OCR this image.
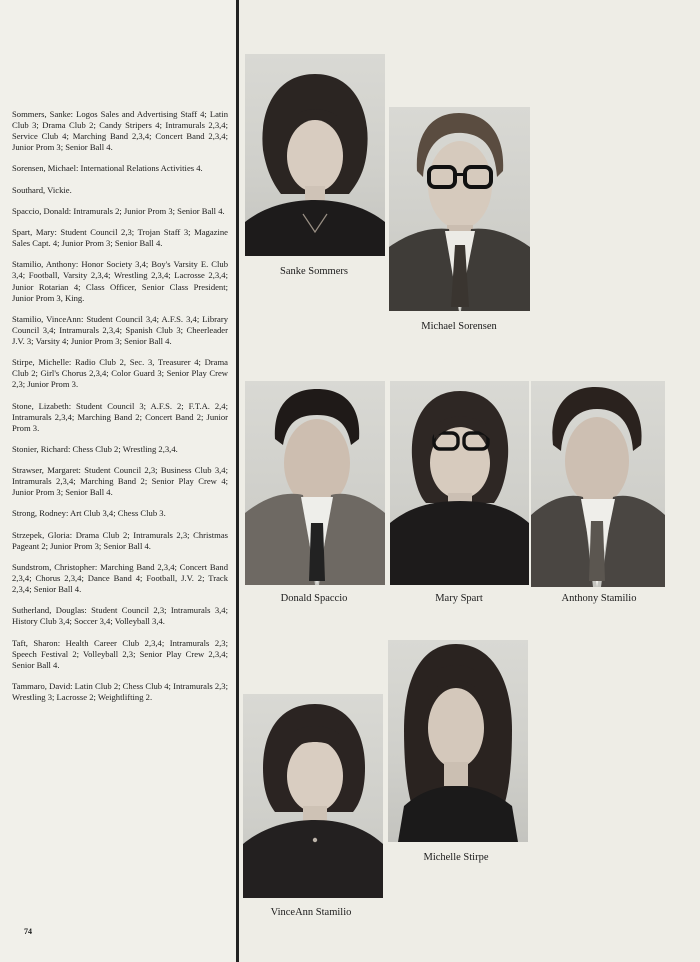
Sommers, Sanke: Logos Sales and Advertising Staff 4; Latin Club 3; Drama Club 2; Candy Stripers 4; Intramurals 2,3,4; Service Club 4; Marching Band 2,3,4; Concert Band 2,3,4; Junior Prom 3; Senior Ball 4.

Sorensen, Michael: International Relations Activities 4.

Southard, Vickie.

Spaccio, Donald: Intramurals 2; Junior Prom 3; Senior Ball 4.

Spart, Mary: Student Council 2,3; Trojan Staff 3; Magazine Sales Capt. 4; Junior Prom 3; Senior Ball 4.

Stamilio, Anthony: Honor Society 3,4; Boy's Varsity E. Club 3,4; Football, Varsity 2,3,4; Wrestling 2,3,4; Lacrosse 2,3,4; Junior Rotarian 4; Class Officer, Senior Class President; Junior Prom 3, King.

Stamilio, VinceAnn: Student Council 3,4; A.F.S. 3,4; Library Council 3,4; Intramurals 2,3,4; Spanish Club 3; Cheerleader J.V. 3; Varsity 4; Junior Prom 3; Senior Ball 4.

Stirpe, Michelle: Radio Club 2, Sec. 3, Treasurer 4; Drama Club 2; Girl's Chorus 2,3,4; Color Guard 3; Senior Play Crew 2,3; Junior Prom 3.

Stone, Lizabeth: Student Council 3; A.F.S. 2; F.T.A. 2,4; Intramurals 2,3,4; Marching Band 2; Concert Band 2; Junior Prom 3.

Stonier, Richard: Chess Club 2; Wrestling 2,3,4.

Strawser, Margaret: Student Council 2,3; Business Club 3,4; Intramurals 2,3,4; Marching Band 2; Senior Play Crew 4; Junior Prom 3; Senior Ball 4.

Strong, Rodney: Art Club 3,4; Chess Club 3.

Strzepek, Gloria: Drama Club 2; Intramurals 2,3; Christmas Pageant 2; Junior Prom 3; Senior Ball 4.

Sundstrom, Christopher: Marching Band 2,3,4; Concert Band 2,3,4; Chorus 2,3,4; Dance Band 4; Football, J.V. 2; Track 2,3,4; Senior Ball 4.

Sutherland, Douglas: Student Council 2,3; Intramurals 3,4; History Club 3,4; Soccer 3,4; Volleyball 3,4.

Taft, Sharon: Health Career Club 2,3,4; Intramurals 2,3; Speech Festival 2; Volleyball 2,3; Senior Play Crew 2,3,4; Senior Ball 4.

Tammaro, David: Latin Club 2; Chess Club 4; Intramurals 2,3; Wrestling 3; Lacrosse 2; Weightlifting 2.

74
Sanke Sommers
Michael Sorensen
Donald Spaccio	Mary Spart	Anthony Stamilio
Michelle Stirpe
VinceAnn Stamilio
